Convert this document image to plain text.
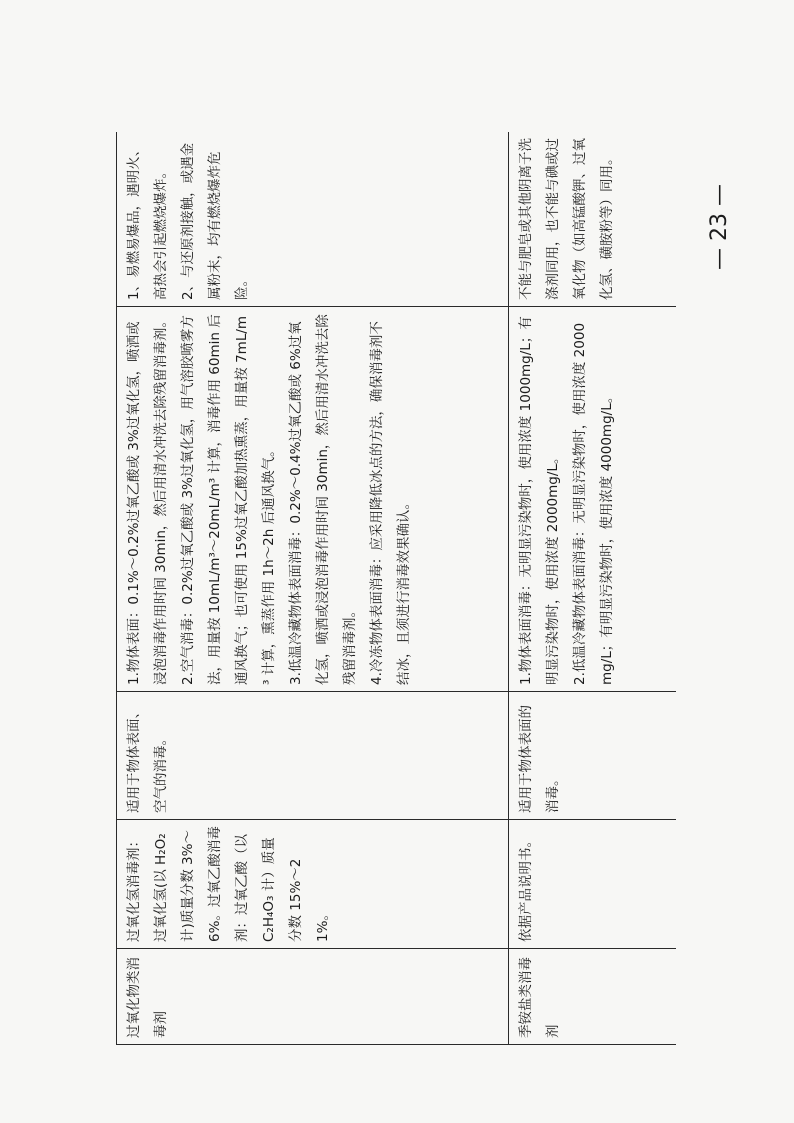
— 23 —
过氧化物类消毒剂	过氧化氢消毒剂：过氧化氢(以 H₂O₂ 计)质量分数 3%～6%。过氧乙酸消毒剂：过氧乙酸（以 C₂H₄O₃ 计）质量分数 15%～21%。	适用于物体表面、空气的消毒。	1.物体表面：0.1%～0.2%过氧乙酸或 3%过氧化氢，喷洒或浸泡消毒作用时间 30min，然后用清水冲洗去除残留消毒剂。 2.空气消毒：0.2%过氧乙酸或 3%过氧化氢，用气溶胶喷雾方法，用量按 10mL/m³～20mL/m³ 计算，消毒作用 60min 后通风换气；也可使用 15%过氧乙酸加热熏蒸，用量按 7mL/m³ 计算，熏蒸作用 1h～2h 后通风换气。 3.低温冷藏物体表面消毒：0.2%～0.4%过氧乙酸或 6%过氧化氢，喷洒或浸泡消毒作用时间 30min，然后用清水冲洗去除残留消毒剂。 4.冷冻物体表面消毒：应采用降低冰点的方法，确保消毒剂不结冰，且须进行消毒效果确认。	1、易燃易爆品，遇明火、高热会引起燃烧爆炸。 2、与还原剂接触，或遇金属粉末，均有燃烧爆炸危险。

季铵盐类消毒剂	依据产品说明书。	适用于物体表面的消毒。	1.物体表面消毒：无明显污染物时，使用浓度 1000mg/L；有明显污染物时，使用浓度 2000mg/L。 2.低温冷藏物体表面消毒：无明显污染物时，使用浓度 2000mg/L；有明显污染物时，使用浓度 4000mg/L。	不能与肥皂或其他阴离子洗涤剂同用，也不能与碘或过氧化物（如高锰酸钾、过氧化氢、磺胺粉等）同用。
